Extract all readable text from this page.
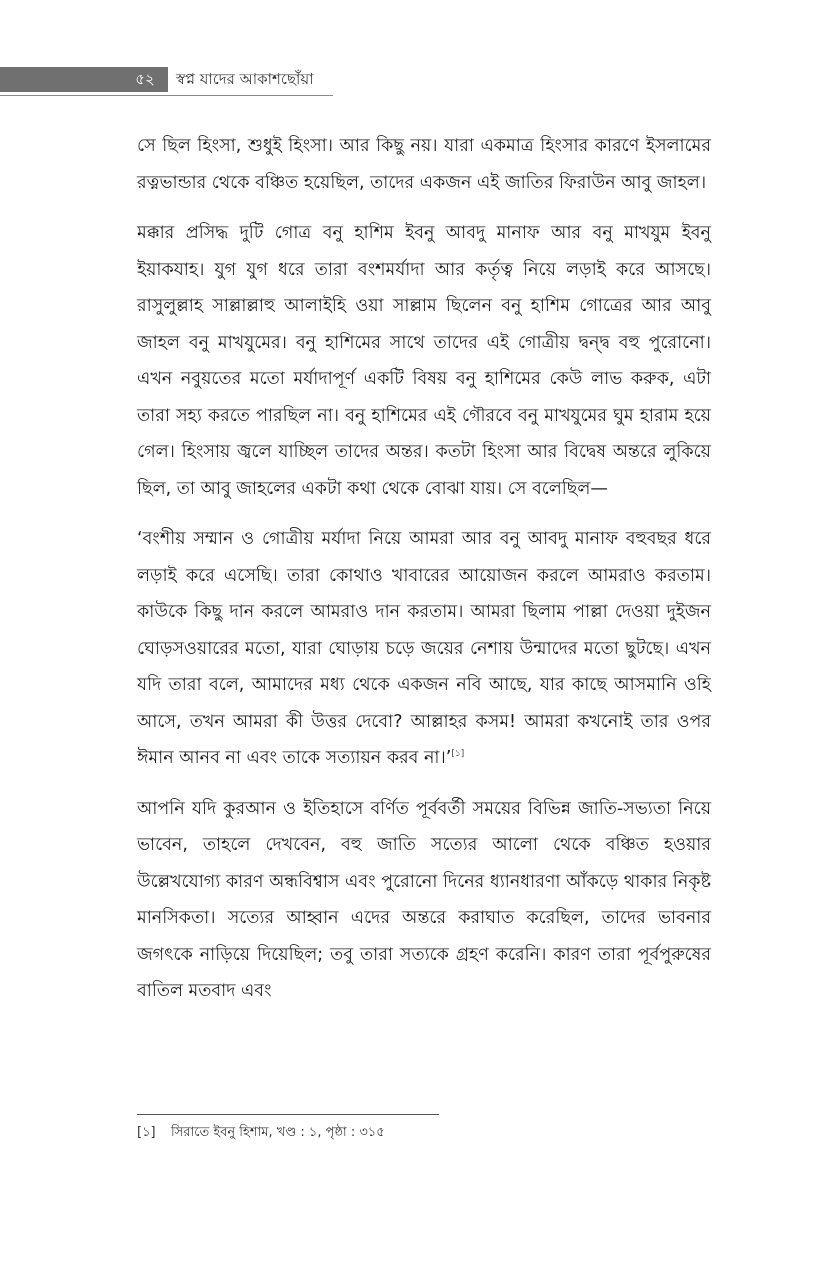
৫২	স্বপ্ন যাদের আকাশছোঁয়া

সে ছিল হিংসা, শুধুই হিংসা। আর কিছু নয়। যারা একমাত্র হিংসার কারণে ইসলামের রত্নভান্ডার থেকে বঞ্চিত হয়েছিল, তাদের একজন এই জাতির ফিরাউন আবু জাহল।

মক্কার প্রসিদ্ধ দুটি গোত্র বনু হাশিম ইবনু আবদু মানাফ আর বনু মাখযুম ইবনু ইয়াকযাহ। যুগ যুগ ধরে তারা বংশমর্যাদা আর কর্তৃত্ব নিয়ে লড়াই করে আসছে। রাসুলুল্লাহ সাল্লাল্লাহু আলাইহি ওয়া সাল্লাম ছিলেন বনু হাশিম গোত্রের আর আবু জাহল বনু মাখযুমের। বনু হাশিমের সাথে তাদের এই গোত্রীয় দ্বন্দ্ব বহু পুরোনো। এখন নবুয়তের মতো মর্যাদাপূর্ণ একটি বিষয় বনু হাশিমের কেউ লাভ করুক, এটা তারা সহ্য করতে পারছিল না। বনু হাশিমের এই গৌরবে বনু মাখযুমের ঘুম হারাম হয়ে গেল। হিংসায় জ্বলে যাচ্ছিল তাদের অন্তর। কতটা হিংসা আর বিদ্বেষ অন্তরে লুকিয়ে ছিল, তা আবু জাহলের একটা কথা থেকে বোঝা যায়। সে বলেছিল—

‘বংশীয় সম্মান ও গোত্রীয় মর্যাদা নিয়ে আমরা আর বনু আবদু মানাফ বহুবছর ধরে লড়াই করে এসেছি। তারা কোথাও খাবারের আয়োজন করলে আমরাও করতাম। কাউকে কিছু দান করলে আমরাও দান করতাম। আমরা ছিলাম পাল্লা দেওয়া দুইজন ঘোড়সওয়ারের মতো, যারা ঘোড়ায় চড়ে জয়ের নেশায় উন্মাদের মতো ছুটছে। এখন যদি তারা বলে, আমাদের মধ্য থেকে একজন নবি আছে, যার কাছে আসমানি ওহি আসে, তখন আমরা কী উত্তর দেবো? আল্লাহর কসম! আমরা কখনোই তার ওপর ঈমান আনব না এবং তাকে সত্যায়ন করব না।’[১]

আপনি যদি কুরআন ও ইতিহাসে বর্ণিত পূর্ববর্তী সময়ের বিভিন্ন জাতি-সভ্যতা নিয়ে ভাবেন, তাহলে দেখবেন, বহু জাতি সত্যের আলো থেকে বঞ্চিত হওয়ার উল্লেখযোগ্য কারণ অন্ধবিশ্বাস এবং পুরোনো দিনের ধ্যানধারণা আঁকড়ে থাকার নিকৃষ্ট মানসিকতা। সত্যের আহ্বান এদের অন্তরে করাঘাত করেছিল, তাদের ভাবনার জগৎকে নাড়িয়ে দিয়েছিল; তবু তারা সত্যকে গ্রহণ করেনি। কারণ তারা পূর্বপুরুষের বাতিল মতবাদ এবং

[১] সিরাতে ইবনু হিশাম, খণ্ড : ১, পৃষ্ঠা : ৩১৫
